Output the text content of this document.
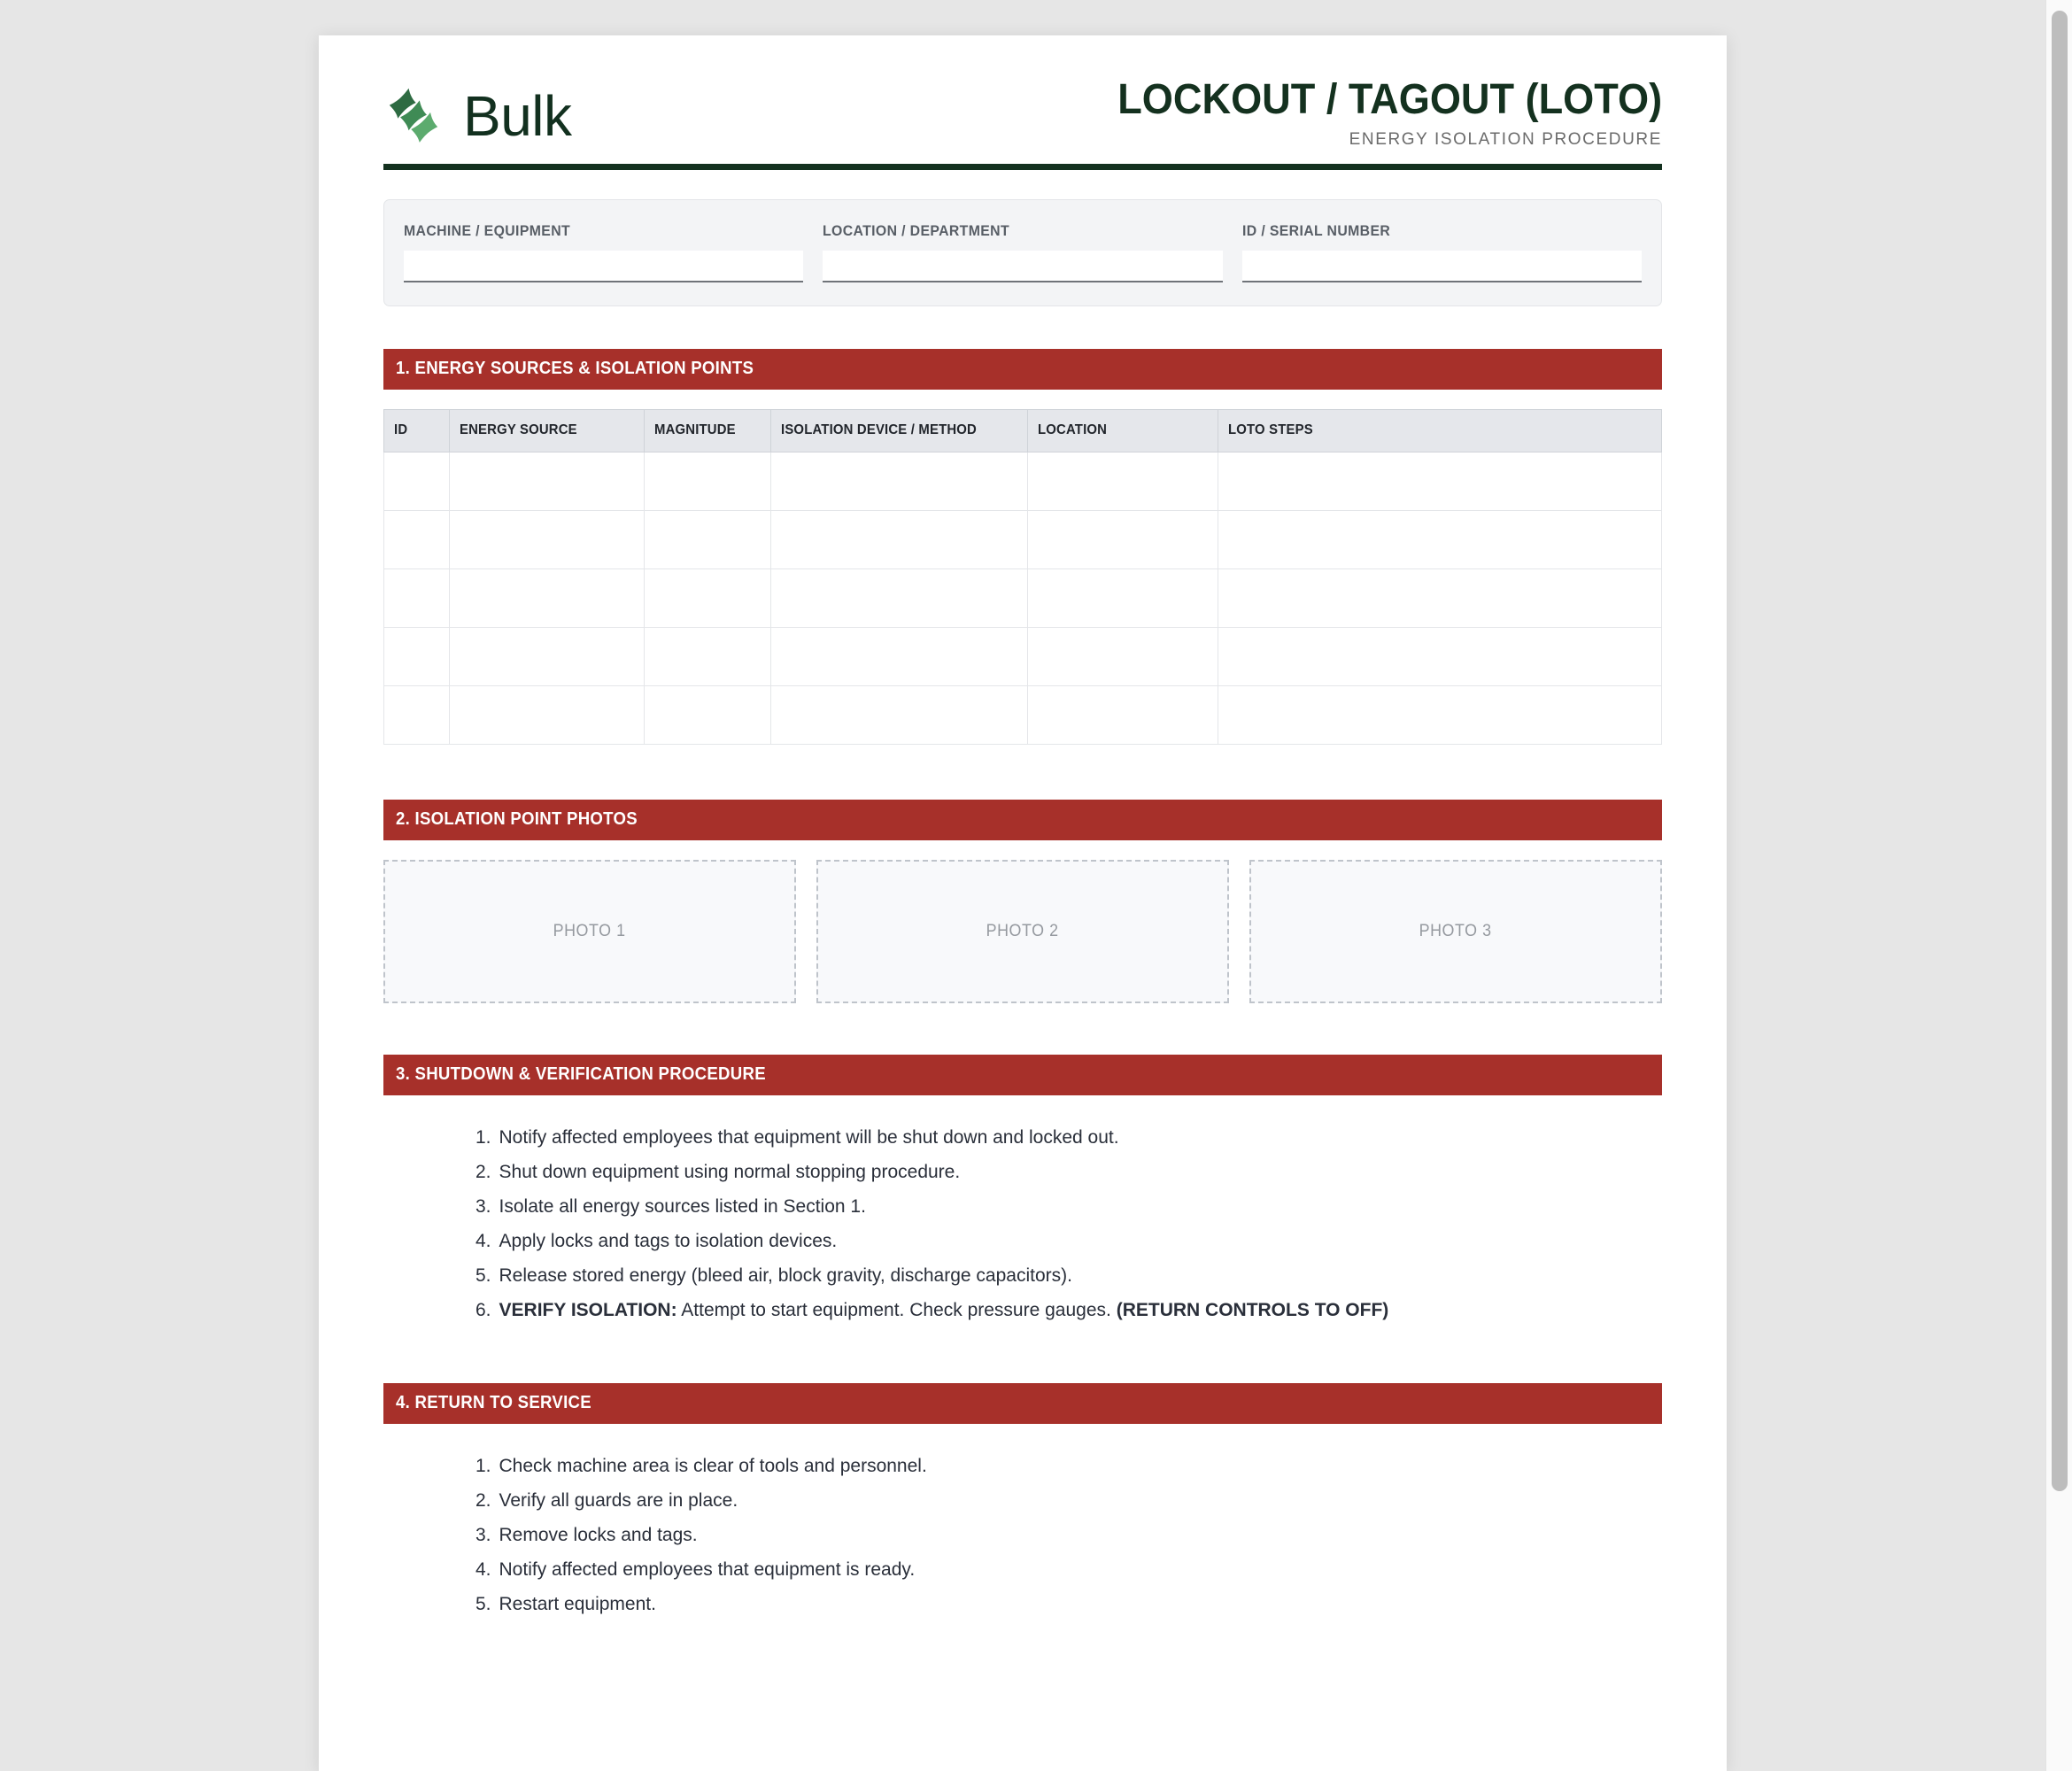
Bulk	LOCKOUT / TAGOUT (LOTO)
ENERGY ISOLATION PROCEDURE
MACHINE / EQUIPMENT	LOCATION / DEPARTMENT	ID / SERIAL NUMBER
1. ENERGY SOURCES & ISOLATION POINTS
ID	ENERGY SOURCE	MAGNITUDE	ISOLATION DEVICE / METHOD	LOCATION	LOTO STEPS

2. ISOLATION POINT PHOTOS
PHOTO 1	PHOTO 2	PHOTO 3
3. SHUTDOWN & VERIFICATION PROCEDURE
1. Notify affected employees that equipment will be shut down and locked out.
2. Shut down equipment using normal stopping procedure.
3. Isolate all energy sources listed in Section 1.
4. Apply locks and tags to isolation devices.
5. Release stored energy (bleed air, block gravity, discharge capacitors).
6. VERIFY ISOLATION: Attempt to start equipment. Check pressure gauges. (RETURN CONTROLS TO OFF)
4. RETURN TO SERVICE
1. Check machine area is clear of tools and personnel.
2. Verify all guards are in place.
3. Remove locks and tags.
4. Notify affected employees that equipment is ready.
5. Restart equipment.
